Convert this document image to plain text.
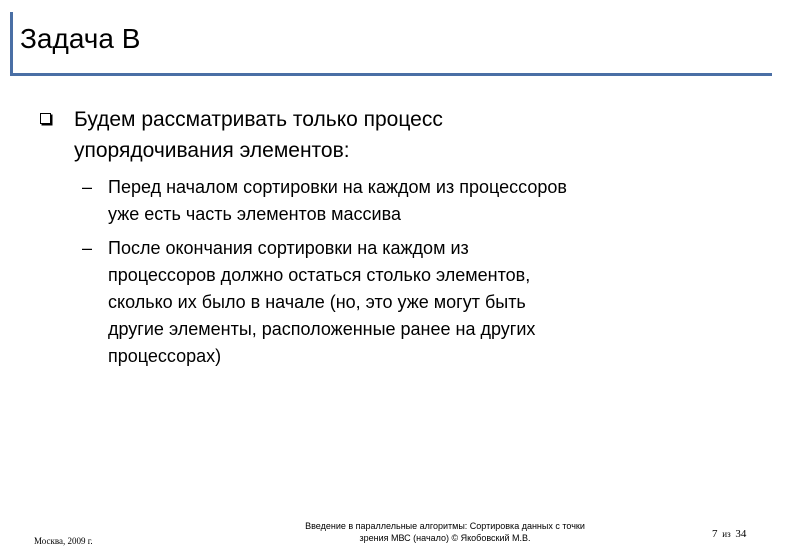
Задача В
Будем рассматривать только процесс
упорядочивания элементов:
– Перед началом сортировки на каждом из процессоров
уже есть часть элементов массива
– После окончания сортировки на каждом из
процессоров должно остаться столько элементов,
сколько их было в начале (но, это уже могут быть
другие элементы, расположенные ранее на других
процессорах)
Москва, 2009 г.
Введение в параллельные алгоритмы: Сортировка данных с точки
зрения МВС (начало) © Якобовский М.В.	7 из 34
